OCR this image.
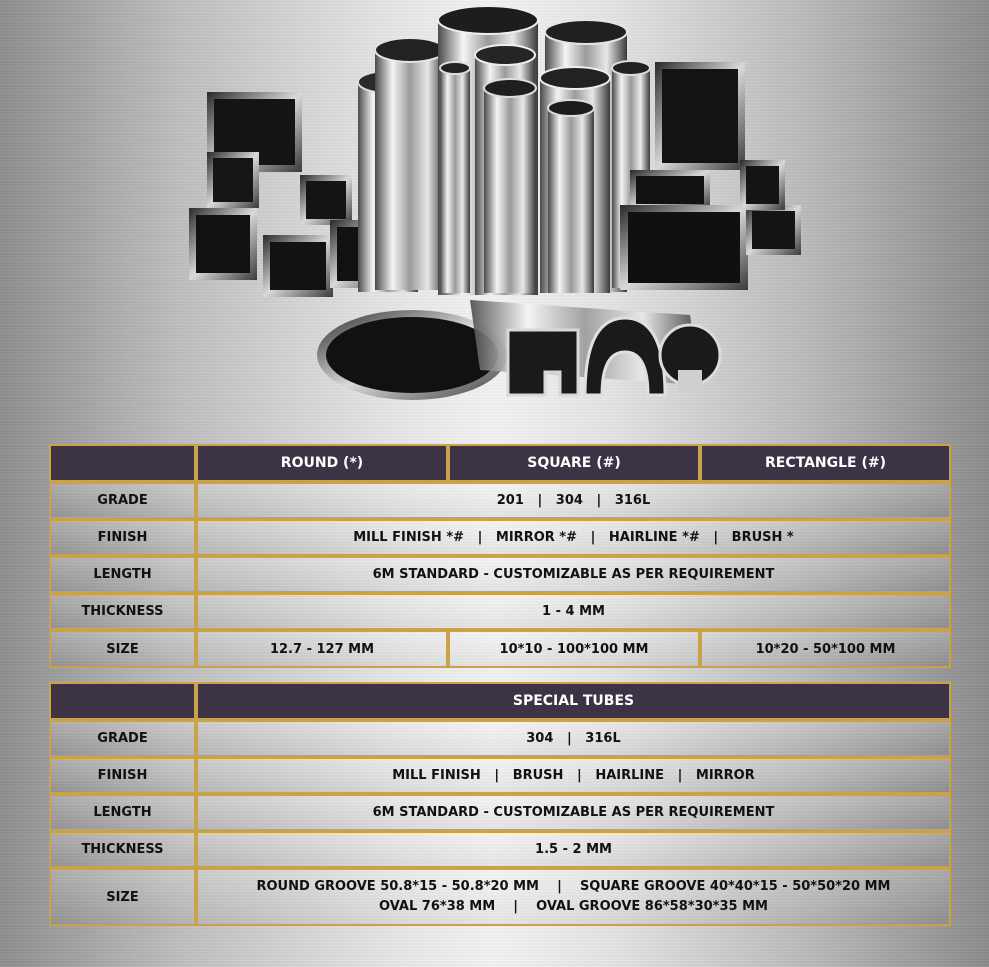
	ROUND (*)	SQUARE (#)	RECTANGLE (#)
GRADE	201   |   304   |   316L		
FINISH	MILL FINISH *#   |   MIRROR *#   |   HAIRLINE *#   |   BRUSH *		
LENGTH	6M STANDARD - CUSTOMIZABLE AS PER REQUIREMENT		
THICKNESS	1 - 4 MM		
SIZE	12.7 - 127 MM	10*10 - 100*100 MM	10*20 - 50*100 MM
	SPECIAL TUBES
GRADE	304   |   316L
FINISH	MILL FINISH   |   BRUSH   |   HAIRLINE   |   MIRROR
LENGTH	6M STANDARD - CUSTOMIZABLE AS PER REQUIREMENT
THICKNESS	1.5 - 2 MM
SIZE	ROUND GROOVE 50.8*15 - 50.8*20 MM    |    SQUARE GROOVE 40*40*15 - 50*50*20 MM
OVAL 76*38 MM    |    OVAL GROOVE 86*58*30*35 MM
